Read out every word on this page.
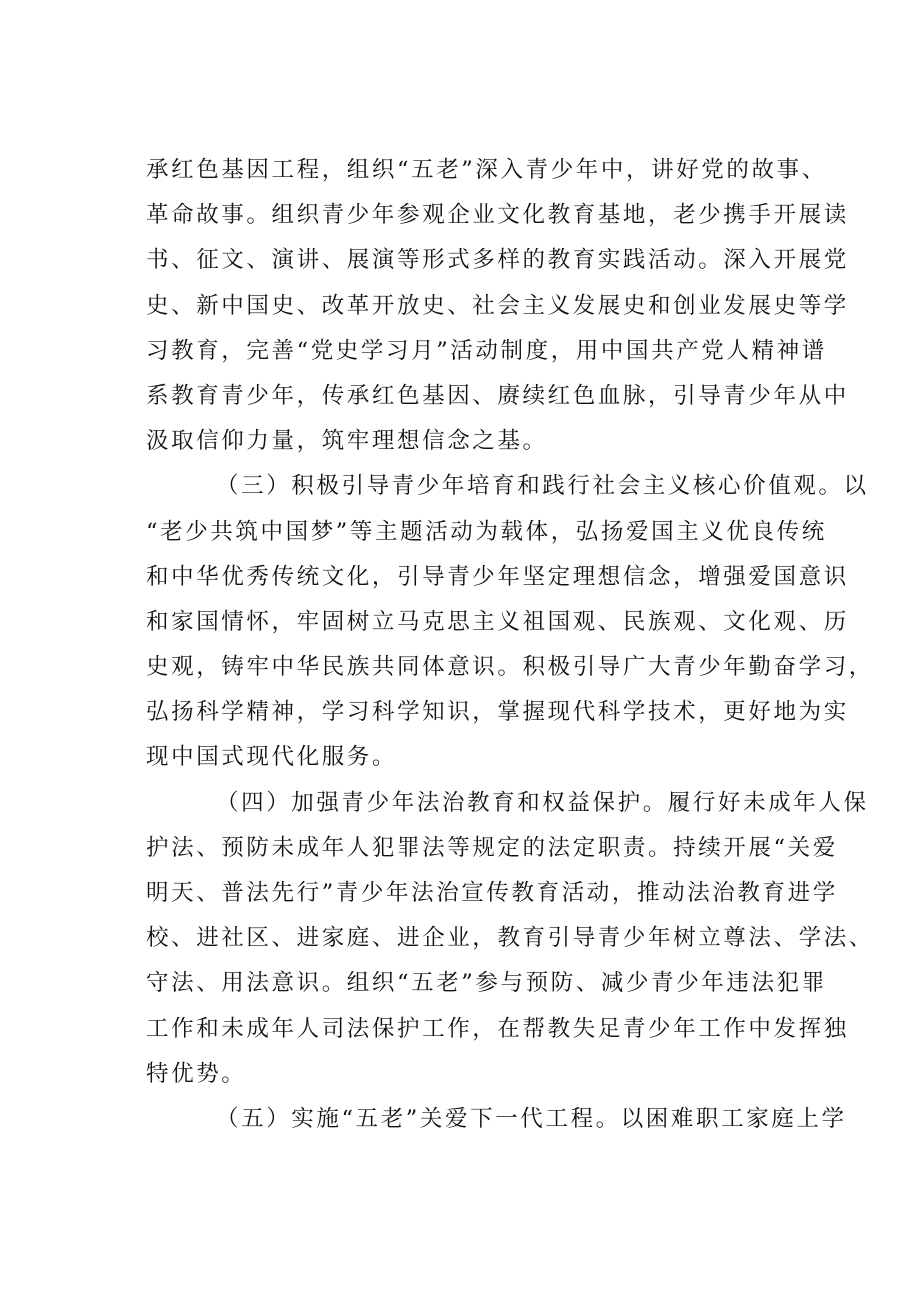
承红色基因工程，组织“五老”深入青少年中，讲好党的故事、
革命故事。组织青少年参观企业文化教育基地，老少携手开展读
书、征文、演讲、展演等形式多样的教育实践活动。深入开展党
史、新中国史、改革开放史、社会主义发展史和创业发展史等学
习教育，完善“党史学习月”活动制度，用中国共产党人精神谱
系教育青少年，传承红色基因、赓续红色血脉，引导青少年从中
汲取信仰力量，筑牢理想信念之基。
（三）积极引导青少年培育和践行社会主义核心价值观。以
“老少共筑中国梦”等主题活动为载体，弘扬爱国主义优良传统
和中华优秀传统文化，引导青少年坚定理想信念，增强爱国意识
和家国情怀，牢固树立马克思主义祖国观、民族观、文化观、历
史观，铸牢中华民族共同体意识。积极引导广大青少年勤奋学习，
弘扬科学精神，学习科学知识，掌握现代科学技术，更好地为实
现中国式现代化服务。
（四）加强青少年法治教育和权益保护。履行好未成年人保
护法、预防未成年人犯罪法等规定的法定职责。持续开展“关爱
明天、普法先行”青少年法治宣传教育活动，推动法治教育进学
校、进社区、进家庭、进企业，教育引导青少年树立尊法、学法、
守法、用法意识。组织“五老”参与预防、减少青少年违法犯罪
工作和未成年人司法保护工作，在帮教失足青少年工作中发挥独
特优势。
（五）实施“五老”关爱下一代工程。以困难职工家庭上学
